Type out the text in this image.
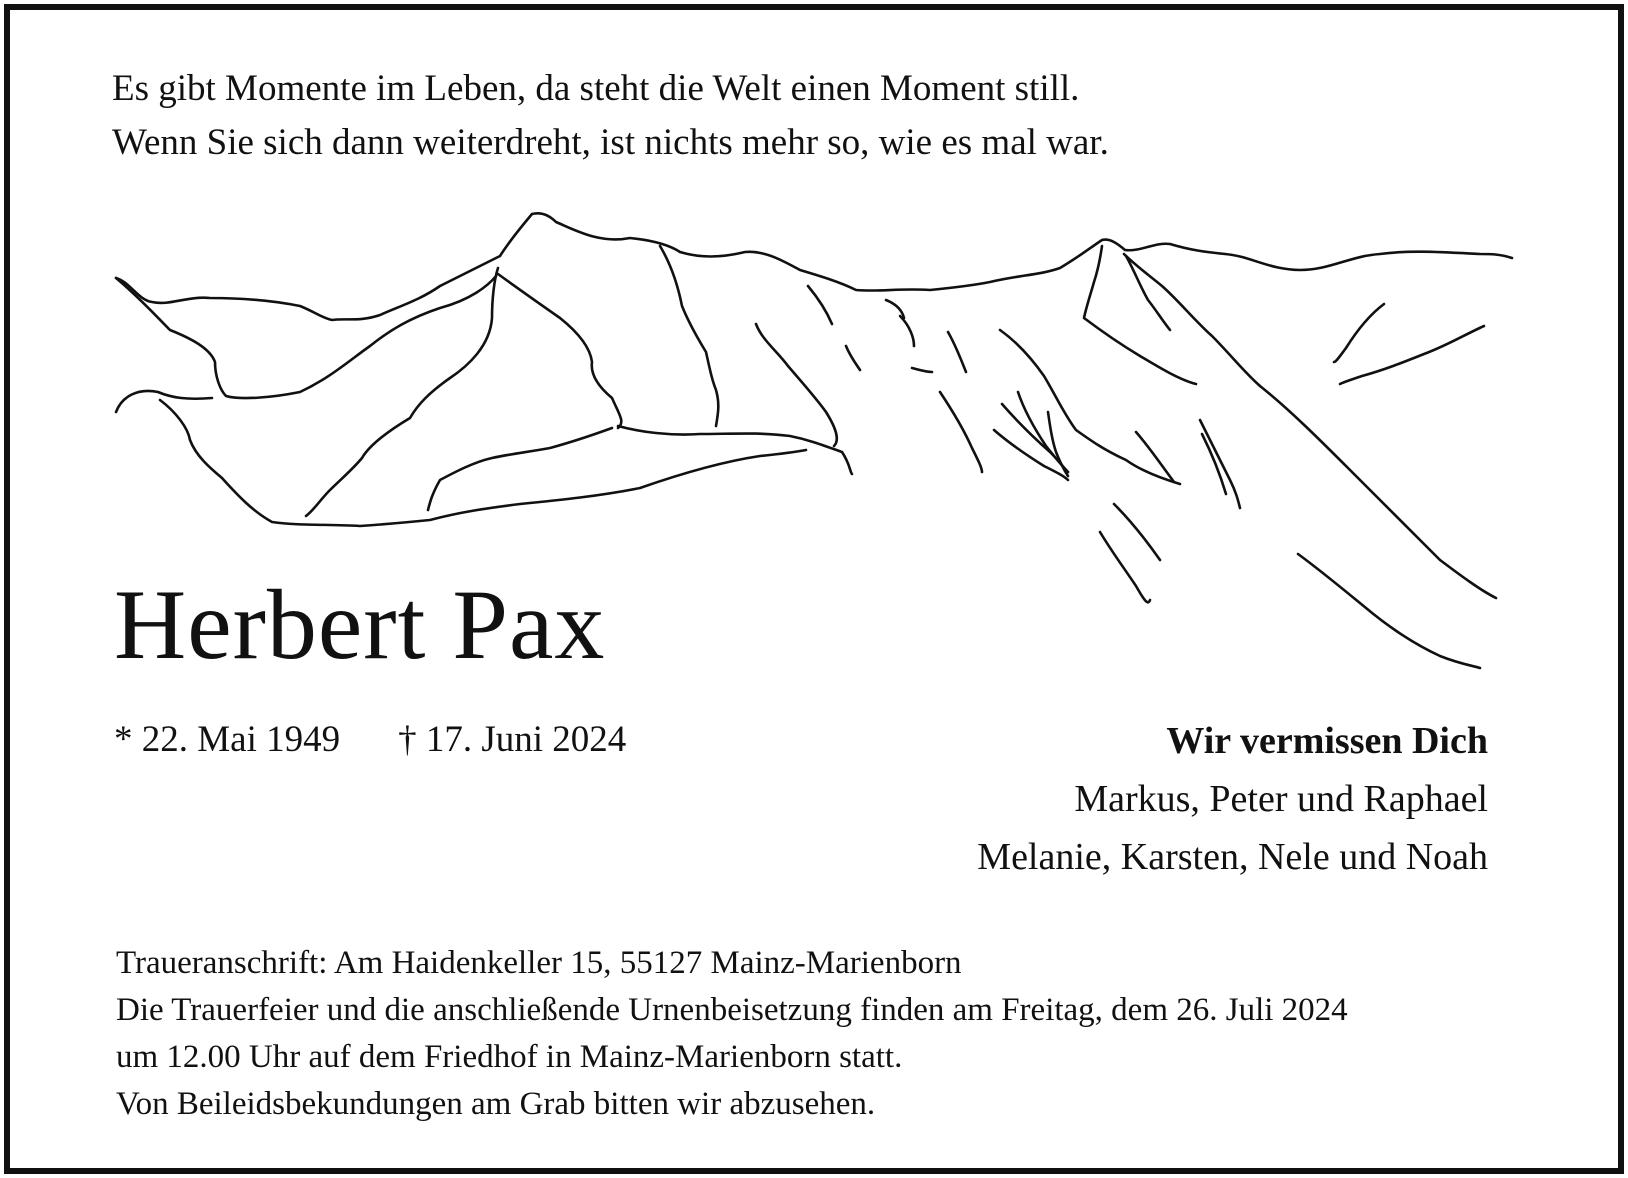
Es gibt Momente im Leben, da steht die Welt einen Moment still.
Wenn Sie sich dann weiterdreht, ist nichts mehr so, wie es mal war.
Herbert Pax
* 22. Mai 1949 † 17. Juni 2024	Wir vermissen Dich
Markus, Peter und Raphael
Melanie, Karsten, Nele und Noah
Traueranschrift: Am Haidenkeller 15, 55127 Mainz-Marienborn
Die Trauerfeier und die anschließende Urnenbeisetzung finden am Freitag, dem 26. Juli 2024
um 12.00 Uhr auf dem Friedhof in Mainz-Marienborn statt.
Von Beileidsbekundungen am Grab bitten wir abzusehen.
